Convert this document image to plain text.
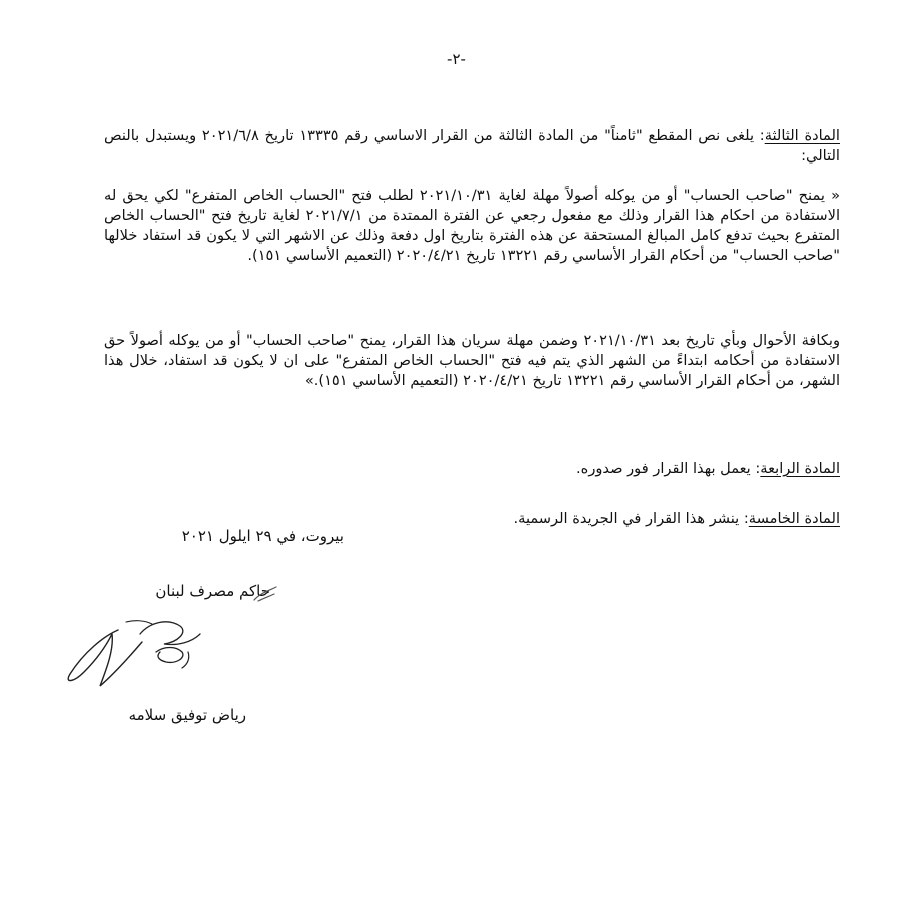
-٢-
المادة الثالثة: يلغى نص المقطع "ثامناً" من المادة الثالثة من القرار الاساسي رقم ١٣٣٣٥ تاريخ ٢٠٢١/٦/٨ ويستبدل بالنص التالي:
« يمنح "صاحب الحساب" أو من يوكله أصولاً مهلة لغاية ٢٠٢١/١٠/٣١ لطلب فتح "الحساب الخاص المتفرع" لكي يحق له الاستفادة من احكام هذا القرار وذلك مع مفعول رجعي عن الفترة الممتدة من ٢٠٢١/٧/١ لغاية تاريخ فتح "الحساب الخاص المتفرع بحيث تدفع كامل المبالغ المستحقة عن هذه الفترة بتاريخ اول دفعة وذلك عن الاشهر التي لا يكون قد استفاد خلالها "صاحب الحساب" من أحكام القرار الأساسي رقم ١٣٢٢١ تاريخ ٢٠٢٠/٤/٢١ (التعميم الأساسي ١٥١).
وبكافة الأحوال وبأي تاريخ بعد ٢٠٢١/١٠/٣١ وضمن مهلة سريان هذا القرار، يمنح "صاحب الحساب" أو من يوكله أصولاً حق الاستفادة من أحكامه ابتداءً من الشهر الذي يتم فيه فتح "الحساب الخاص المتفرع" على ان لا يكون قد استفاد، خلال هذا الشهر، من أحكام القرار الأساسي رقم ١٣٢٢١ تاريخ ٢٠٢٠/٤/٢١ (التعميم الأساسي ١٥١).»
المادة الرابعة: يعمل بهذا القرار فور صدوره.
المادة الخامسة: ينشر هذا القرار في الجريدة الرسمية.
بيروت، في ٢٩ ايلول ٢٠٢١
حاكم مصرف لبنان
رياض توفيق سلامه
